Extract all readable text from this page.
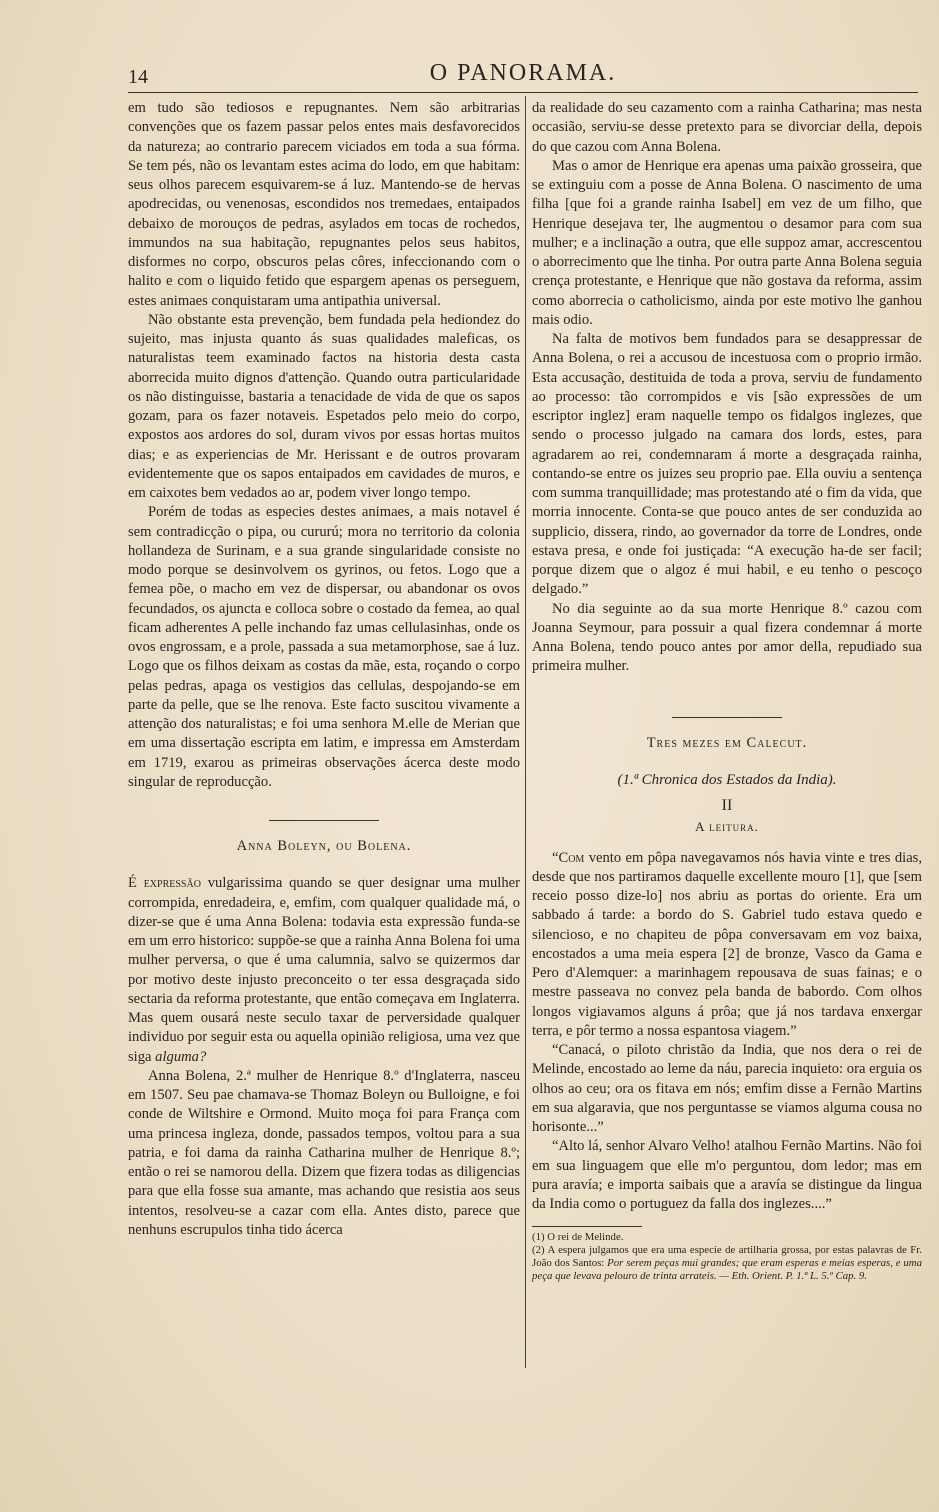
14	O PANORAMA.

em tudo são tediosos e repugnantes. Nem são arbitrarias convenções que os fazem passar pelos entes mais desfavorecidos da natureza; ao contrario parecem viciados em toda a sua fórma. Se tem pés, não os levantam estes acima do lodo, em que habitam: seus olhos parecem esquivarem-se á luz. Mantendo-se de hervas apodrecidas, ou venenosas, escondidos nos tremedaes, entaipados debaixo de morouços de pedras, asylados em tocas de rochedos, immundos na sua habitação, repugnantes pelos seus habitos, disformes no corpo, obscuros pelas côres, infeccionando com o halito e com o liquido fetido que espargem apenas os perseguem, estes animaes conquistaram uma antipathia universal.

Não obstante esta prevenção, bem fundada pela hediondez do sujeito, mas injusta quanto ás suas qualidades maleficas, os naturalistas teem examinado factos na historia desta casta aborrecida muito dignos d'attenção. Quando outra particularidade os não distinguisse, bastaria a tenacidade de vida de que os sapos gozam, para os fazer notaveis. Espetados pelo meio do corpo, expostos aos ardores do sol, duram vivos por essas hortas muitos dias; e as experiencias de Mr. Herissant e de outros provaram evidentemente que os sapos entaipados em cavidades de muros, e em caixotes bem vedados ao ar, podem viver longo tempo.

Porém de todas as especies destes animaes, a mais notavel é sem contradicção o pipa, ou cururú; mora no territorio da colonia hollandeza de Surinam, e a sua grande singularidade consiste no modo porque se desinvolvem os gyrinos, ou fetos. Logo que a femea põe, o macho em vez de dispersar, ou abandonar os ovos fecundados, os ajuncta e colloca sobre o costado da femea, ao qual ficam adherentes A pelle inchando faz umas cellulasinhas, onde os ovos engrossam, e a prole, passada a sua metamorphose, sae á luz. Logo que os filhos deixam as costas da mãe, esta, roçando o corpo pelas pedras, apaga os vestigios das cellulas, despojando-se em parte da pelle, que se lhe renova. Este facto suscitou vivamente a attenção dos naturalistas; e foi uma senhora M.elle de Merian que em uma dissertação escripta em latim, e impressa em Amsterdam em 1719, exarou as primeiras observações ácerca deste modo singular de reproducção.

Anna Boleyn, ou Bolena.

É expressão vulgarissima quando se quer designar uma mulher corrompida, enredadeira, e, emfim, com qualquer qualidade má, o dizer-se que é uma Anna Bolena: todavia esta expressão funda-se em um erro historico: suppõe-se que a rainha Anna Bolena foi uma mulher perversa, o que é uma calumnia, salvo se quizermos dar por motivo deste injusto preconceito o ter essa desgraçada sido sectaria da reforma protestante, que então começava em Inglaterra. Mas quem ousará neste seculo taxar de perversidade qualquer individuo por seguir esta ou aquella opinião religiosa, uma vez que siga alguma?

Anna Bolena, 2.ª mulher de Henrique 8.º d'Inglaterra, nasceu em 1507. Seu pae chamava-se Thomaz Boleyn ou Bulloigne, e foi conde de Wiltshire e Ormond. Muito moça foi para França com uma princesa ingleza, donde, passados tempos, voltou para a sua patria, e foi dama da rainha Catharina mulher de Henrique 8.º; então o rei se namorou della. Dizem que fizera todas as diligencias para que ella fosse sua amante, mas achando que resistia aos seus intentos, resolveu-se a cazar com ella. Antes disto, parece que nenhuns escrupulos tinha tido ácerca

da realidade do seu cazamento com a rainha Catharina; mas nesta occasião, serviu-se desse pretexto para se divorciar della, depois do que cazou com Anna Bolena.

Mas o amor de Henrique era apenas uma paixão grosseira, que se extinguiu com a posse de Anna Bolena. O nascimento de uma filha [que foi a grande rainha Isabel] em vez de um filho, que Henrique desejava ter, lhe augmentou o desamor para com sua mulher; e a inclinação a outra, que elle suppoz amar, accrescentou o aborrecimento que lhe tinha. Por outra parte Anna Bolena seguia crença protestante, e Henrique que não gostava da reforma, assim como aborrecia o catholicismo, ainda por este motivo lhe ganhou mais odio.

Na falta de motivos bem fundados para se desappressar de Anna Bolena, o rei a accusou de incestuosa com o proprio irmão. Esta accusação, destituida de toda a prova, serviu de fundamento ao processo: tão corrompidos e vis [são expressões de um escriptor inglez] eram naquelle tempo os fidalgos inglezes, que sendo o processo julgado na camara dos lords, estes, para agradarem ao rei, condemnaram á morte a desgraçada rainha, contando-se entre os juizes seu proprio pae. Ella ouviu a sentença com summa tranquillidade; mas protestando até o fim da vida, que morria innocente. Conta-se que pouco antes de ser conduzida ao supplicio, dissera, rindo, ao governador da torre de Londres, onde estava presa, e onde foi justiçada: “A execução ha-de ser facil; porque dizem que o algoz é mui habil, e eu tenho o pescoço delgado.”

No dia seguinte ao da sua morte Henrique 8.º cazou com Joanna Seymour, para possuir a qual fizera condemnar á morte Anna Bolena, tendo pouco antes por amor della, repudiado sua primeira mulher.

Tres mezes em Calecut.
(1.ª Chronica dos Estados da India).
II
A leitura.

“Com vento em pôpa navegavamos nós havia vinte e tres dias, desde que nos partiramos daquelle excellente mouro [1], que [sem receio posso dize-lo] nos abriu as portas do oriente. Era um sabbado á tarde: a bordo do S. Gabriel tudo estava quedo e silencioso, e no chapiteu de pôpa conversavam em voz baixa, encostados a uma meia espera [2] de bronze, Vasco da Gama e Pero d'Alemquer: a marinhagem repousava de suas fainas; e o mestre passeava no convez pela banda de babordo. Com olhos longos vigiavamos alguns á prôa; que já nos tardava enxergar terra, e pôr termo a nossa espantosa viagem.”

“Canacá, o piloto christão da India, que nos dera o rei de Melinde, encostado ao leme da náu, parecia inquieto: ora erguia os olhos ao ceu; ora os fitava em nós; emfim disse a Fernão Martins em sua algaravia, que nos perguntasse se viamos alguma cousa no horisonte...”

“Alto lá, senhor Alvaro Velho! atalhou Fernão Martins. Não foi em sua linguagem que elle m'o perguntou, dom ledor; mas em pura aravía; e importa saibais que a aravía se distingue da lingua da India como o portuguez da falla dos inglezes....”

(1) O rei de Melinde.

(2) A espera julgamos que era uma especie de artilharia grossa, por estas palavras de Fr. João dos Santos: Por serem peças mui grandes; que eram esperas e meias esperas, e uma peça que levava pelouro de trinta arrateis. — Eth. Orient. P. 1.ª L. 5.º Cap. 9.
